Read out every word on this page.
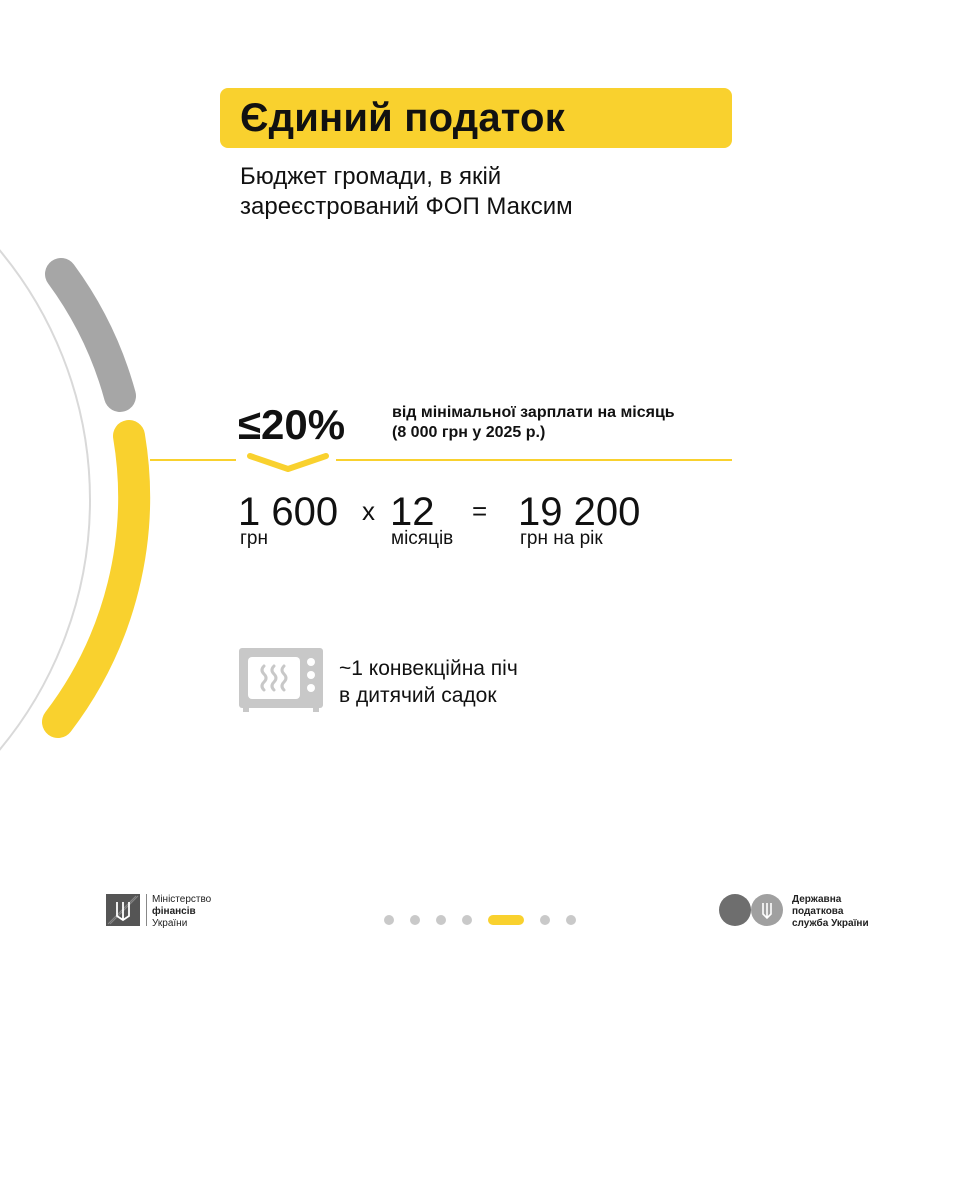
Єдиний податок
Бюджет громади, в якій
зареєстрований ФОП Максим
≤20%	від мінімальної зарплати на місяць
(8 000 грн у 2025 р.)
1 600
грн
x 12
місяців
= 19 200
грн на рік
~1 конвекційна піч
в дитячий садок
Міністерство
фінансів
України
Державна
податкова
служба України
